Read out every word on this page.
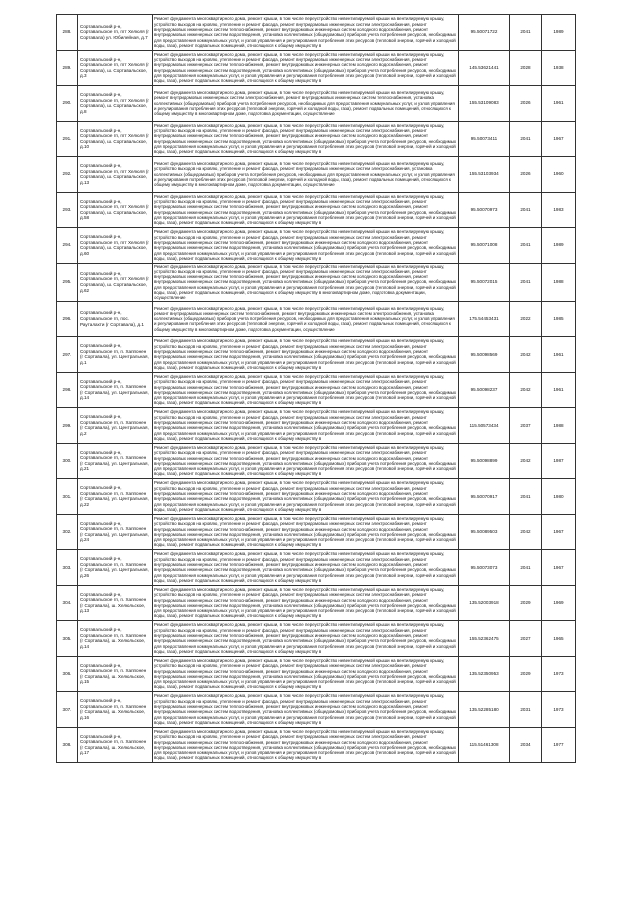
288.	Сортавальский р-н, Сортавальское гп, пгт Хелюля (г Сортавала) ул. Юбилейная, д.7	Ремонт фундамента многоквартирного дома, ремонт крыши, в том числе переустройство невентилируемой крыши на вентилируемую крышу, устройство выходов на кровлю, утепление и ремонт фасада, ремонт внутридомовых инженерных систем электроснабжения, ремонт внутридомовых инженерных систем теплоснабжения, ремонт внутридомовых инженерных систем холодного водоснабжения, ремонт внутридомовых инженерных систем водоотведения, установка коллективных (общедомовых) приборов учета потребления ресурсов, необходимых для предоставления коммунальных услуг, и узлов управления и регулирования потребления этих ресурсов (тепловой энергии, горячей и холодной воды, газа), ремонт подвальных помещений, относящихся к общему имуществу в	95.50071722	2041	1989
289.	Сортавальский р-н, Сортавальское гп, пгт Хелюля (г Сортавала), ш. Сортавальское, д.3	Ремонт фундамента многоквартирного дома, ремонт крыши, в том числе переустройство невентилируемой крыши на вентилируемую крышу, устройство выходов на кровлю, утепление и ремонт фасада, ремонт внутридомовых инженерных систем электроснабжения, ремонт внутридомовых инженерных систем теплоснабжения, ремонт внутридомовых инженерных систем холодного водоснабжения, ремонт внутридомовых инженерных систем водоотведения, установка коллективных (общедомовых) приборов учета потребления ресурсов, необходимых для предоставления коммунальных услуг, и узлов управления и регулирования потребления этих ресурсов (тепловой энергии, горячей и холодной воды, газа), ремонт подвальных помещений, относящихся к общему имуществу в	145.53621441	2028	1938
290.	Сортавальский р-н, Сортавальское гп, пгт Хелюля (г Сортавала), ш. Сортавальское, д.8	Ремонт фундамента многоквартирного дома, ремонт крыши, в том числе переустройство невентилируемой крыши на вентилируемую крышу, ремонт внутридомовых инженерных систем электроснабжения, ремонт внутридомовых инженерных систем теплоснабжения, установка коллективных (общедомовых) приборов учета потребления ресурсов, необходимых для предоставления коммунальных услуг, и узлов управления и регулирования потребления этих ресурсов (тепловой энергии, горячей и холодной воды, газа), ремонт подвальных помещений, относящихся к общему имуществу в многоквартирном доме, подготовка документации, осуществление	155.53109083	2026	1961
291.	Сортавальский р-н, Сортавальское гп, пгт Хелюля (г Сортавала), ш. Сортавальское, д.10	Ремонт фундамента многоквартирного дома, ремонт крыши, в том числе переустройство невентилируемой крыши на вентилируемую крышу, устройство выходов на кровлю, утепление и ремонт фасада, ремонт внутридомовых инженерных систем электроснабжения, ремонт внутридомовых инженерных систем теплоснабжения, ремонт внутридомовых инженерных систем холодного водоснабжения, ремонт внутридомовых инженерных систем водоотведения, установка коллективных (общедомовых) приборов учета потребления ресурсов, необходимых для предоставления коммунальных услуг, и узлов управления и регулирования потребления этих ресурсов (тепловой энергии, горячей и холодной воды, газа), ремонт подвальных помещений, относящихся к общему имуществу в	95.50073411	2041	1967
292.	Сортавальский р-н, Сортавальское гп, пгт Хелюля (г Сортавала), ш. Сортавальское, д.13	Ремонт фундамента многоквартирного дома, ремонт крыши, в том числе переустройство невентилируемой крыши на вентилируемую крышу, устройство выходов на кровлю, утепление и ремонт фасада, ремонт внутридомовых инженерных систем электроснабжения, установка коллективных (общедомовых) приборов учета потребления ресурсов, необходимых для предоставления коммунальных услуг, и узлов управления и регулирования потребления этих ресурсов (тепловой энергии, горячей и холодной воды, газа), ремонт подвальных помещений, относящихся к общему имуществу в многоквартирном доме, подготовка документации, осуществление	155.53103934	2026	1960
293.	Сортавальский р-н, Сортавальское гп, пгт Хелюля (г Сортавала), ш. Сортавальское, д.58	Ремонт фундамента многоквартирного дома, ремонт крыши, в том числе переустройство невентилируемой крыши на вентилируемую крышу, устройство выходов на кровлю, утепление и ремонт фасада, ремонт внутридомовых инженерных систем электроснабжения, ремонт внутридомовых инженерных систем теплоснабжения, ремонт внутридомовых инженерных систем холодного водоснабжения, ремонт внутридомовых инженерных систем водоотведения, установка коллективных (общедомовых) приборов учета потребления ресурсов, необходимых для предоставления коммунальных услуг, и узлов управления и регулирования потребления этих ресурсов (тепловой энергии, горячей и холодной воды, газа), ремонт подвальных помещений, относящихся к общему имуществу в	95.50070973	2041	1983
294.	Сортавальский р-н, Сортавальское гп, пгт Хелюля (г Сортавала), ш. Сортавальское, д.60	Ремонт фундамента многоквартирного дома, ремонт крыши, в том числе переустройство невентилируемой крыши на вентилируемую крышу, устройство выходов на кровлю, утепление и ремонт фасада, ремонт внутридомовых инженерных систем электроснабжения, ремонт внутридомовых инженерных систем теплоснабжения, ремонт внутридомовых инженерных систем холодного водоснабжения, ремонт внутридомовых инженерных систем водоотведения, установка коллективных (общедомовых) приборов учета потребления ресурсов, необходимых для предоставления коммунальных услуг, и узлов управления и регулирования потребления этих ресурсов (тепловой энергии, горячей и холодной воды, газа), ремонт подвальных помещений, относящихся к общему имуществу в	95.50071008	2041	1989
295.	Сортавальский р-н, Сортавальское гп, пгт Хелюля (г Сортавала), ш. Сортавальское, д.62	Ремонт фундамента многоквартирного дома, ремонт крыши, в том числе переустройство невентилируемой крыши на вентилируемую крышу, устройство выходов на кровлю, утепление и ремонт фасада, ремонт внутридомовых инженерных систем электроснабжения, ремонт внутридомовых инженерных систем теплоснабжения, ремонт внутридомовых инженерных систем холодного водоснабжения, ремонт внутридомовых инженерных систем водоотведения, установка коллективных (общедомовых) приборов учета потребления ресурсов, необходимых для предоставления коммунальных услуг, и узлов управления и регулирования потребления этих ресурсов (тепловой энергии, горячей и холодной воды, газа), ремонт подвальных помещений, относящихся к общему имуществу в многоквартирном доме, подготовка документации, осуществление	95.50072015	2041	1988
296.	Сортавальский р-н, Сортавальское гп, пос. Рауталахти (г Сортавала), д.1	Ремонт фундамента многоквартирного дома, ремонт крыши, в том числе переустройство невентилируемой крыши на вентилируемую крышу, ремонт внутридомовых инженерных систем теплоснабжения, ремонт внутридомовых инженерных систем электроснабжения, установка коллективных (общедомовых) приборов учета потребления ресурсов, необходимых для предоставления коммунальных услуг, и узлов управления и регулирования потребления этих ресурсов (тепловой энергии, горячей и холодной воды, газа), ремонт подвальных помещений, относящихся к общему имуществу в многоквартирном доме, подготовка документации, осуществление	175.54453431	2022	1985
297.	Сортавальский р-н, Сортавальское гп, п. Хаппонен (г Сортавала), ул. Центральная, д.1	Ремонт фундамента многоквартирного дома, ремонт крыши, в том числе переустройство невентилируемой крыши на вентилируемую крышу, устройство выходов на кровлю, утепление и ремонт фасада, ремонт внутридомовых инженерных систем электроснабжения, ремонт внутридомовых инженерных систем теплоснабжения, ремонт внутридомовых инженерных систем холодного водоснабжения, ремонт внутридомовых инженерных систем водоотведения, установка коллективных (общедомовых) приборов учета потребления ресурсов, необходимых для предоставления коммунальных услуг, и узлов управления и регулирования потребления этих ресурсов (тепловой энергии, горячей и холодной воды, газа), ремонт подвальных помещений, относящихся к общему имуществу в	95.50098569	2042	1961
298.	Сортавальский р-н, Сортавальское гп, п. Хаппонен (г Сортавала), ул. Центральная, д.14	Ремонт фундамента многоквартирного дома, ремонт крыши, в том числе переустройство невентилируемой крыши на вентилируемую крышу, устройство выходов на кровлю, утепление и ремонт фасада, ремонт внутридомовых инженерных систем электроснабжения, ремонт внутридомовых инженерных систем теплоснабжения, ремонт внутридомовых инженерных систем холодного водоснабжения, ремонт внутридомовых инженерных систем водоотведения, установка коллективных (общедомовых) приборов учета потребления ресурсов, необходимых для предоставления коммунальных услуг, и узлов управления и регулирования потребления этих ресурсов (тепловой энергии, горячей и холодной воды, газа), ремонт подвальных помещений, относящихся к общему имуществу в	95.50098237	2042	1961
299.	Сортавальский р-н, Сортавальское гп, п. Хаппонен (г Сортавала), ул. Центральная, д.2	Ремонт фундамента многоквартирного дома, ремонт крыши, в том числе переустройство невентилируемой крыши на вентилируемую крышу, устройство выходов на кровлю, утепление и ремонт фасада, ремонт внутридомовых инженерных систем электроснабжения, ремонт внутридомовых инженерных систем теплоснабжения, ремонт внутридомовых инженерных систем холодного водоснабжения, ремонт внутридомовых инженерных систем водоотведения, установка коллективных (общедомовых) приборов учета потребления ресурсов, необходимых для предоставления коммунальных услуг, и узлов управления и регулирования потребления этих ресурсов (тепловой энергии, горячей и холодной воды, газа), ремонт подвальных помещений, относящихся к общему имуществу в	115.50573434	2037	1988
300.	Сортавальский р-н, Сортавальское гп, п. Хаппонен (г Сортавала), ул. Центральная, д.21	Ремонт фундамента многоквартирного дома, ремонт крыши, в том числе переустройство невентилируемой крыши на вентилируемую крышу, устройство выходов на кровлю, утепление и ремонт фасада, ремонт внутридомовых инженерных систем электроснабжения, ремонт внутридомовых инженерных систем теплоснабжения, ремонт внутридомовых инженерных систем холодного водоснабжения, ремонт внутридомовых инженерных систем водоотведения, установка коллективных (общедомовых) приборов учета потребления ресурсов, необходимых для предоставления коммунальных услуг, и узлов управления и регулирования потребления этих ресурсов (тепловой энергии, горячей и холодной воды, газа), ремонт подвальных помещений, относящихся к общему имуществу в	95.50098899	2042	1987
301.	Сортавальский р-н, Сортавальское гп, п. Хаппонен (г Сортавала), ул. Центральная, д.22	Ремонт фундамента многоквартирного дома, ремонт крыши, в том числе переустройство невентилируемой крыши на вентилируемую крышу, устройство выходов на кровлю, утепление и ремонт фасада, ремонт внутридомовых инженерных систем электроснабжения, ремонт внутридомовых инженерных систем теплоснабжения, ремонт внутридомовых инженерных систем холодного водоснабжения, ремонт внутридомовых инженерных систем водоотведения, установка коллективных (общедомовых) приборов учета потребления ресурсов, необходимых для предоставления коммунальных услуг, и узлов управления и регулирования потребления этих ресурсов (тепловой энергии, горячей и холодной воды, газа), ремонт подвальных помещений, относящихся к общему имуществу в	95.50070917	2041	1980
302.	Сортавальский р-н, Сортавальское гп, п. Хаппонен (г Сортавала), ул. Центральная, д.24	Ремонт фундамента многоквартирного дома, ремонт крыши, в том числе переустройство невентилируемой крыши на вентилируемую крышу, устройство выходов на кровлю, утепление и ремонт фасада, ремонт внутридомовых инженерных систем электроснабжения, ремонт внутридомовых инженерных систем теплоснабжения, ремонт внутридомовых инженерных систем холодного водоснабжения, ремонт внутридомовых инженерных систем водоотведения, установка коллективных (общедомовых) приборов учета потребления ресурсов, необходимых для предоставления коммунальных услуг, и узлов управления и регулирования потребления этих ресурсов (тепловой энергии, горячей и холодной воды, газа), ремонт подвальных помещений, относящихся к общему имуществу в	95.50089503	2042	1967
303.	Сортавальский р-н, Сортавальское гп, п. Хаппонен (г Сортавала), ул. Центральная, д.26	Ремонт фундамента многоквартирного дома, ремонт крыши, в том числе переустройство невентилируемой крыши на вентилируемую крышу, устройство выходов на кровлю, утепление и ремонт фасада, ремонт внутридомовых инженерных систем электроснабжения, ремонт внутридомовых инженерных систем теплоснабжения, ремонт внутридомовых инженерных систем холодного водоснабжения, ремонт внутридомовых инженерных систем водоотведения, установка коллективных (общедомовых) приборов учета потребления ресурсов, необходимых для предоставления коммунальных услуг, и узлов управления и регулирования потребления этих ресурсов (тепловой энергии, горячей и холодной воды, газа), ремонт подвальных помещений, относящихся к общему имуществу в	95.50073073	2041	1967
304.	Сортавальский р-н, Сортавальское гп, п. Хаппонен (г Сортавала), ш. Хелюльское, д.13	Ремонт фундамента многоквартирного дома, ремонт крыши, в том числе переустройство невентилируемой крыши на вентилируемую крышу, устройство выходов на кровлю, утепление и ремонт фасада, ремонт внутридомовых инженерных систем электроснабжения, ремонт внутридомовых инженерных систем теплоснабжения, ремонт внутридомовых инженерных систем холодного водоснабжения, ремонт внутридомовых инженерных систем водоотведения, установка коллективных (общедомовых) приборов учета потребления ресурсов, необходимых для предоставления коммунальных услуг, и узлов управления и регулирования потребления этих ресурсов (тепловой энергии, горячей и холодной воды, газа), ремонт подвальных помещений, относящихся к общему имуществу в	135.52003918	2029	1969
305.	Сортавальский р-н, Сортавальское гп, п. Хаппонен (г Сортавала), ш. Хелюльское, д.14	Ремонт фундамента многоквартирного дома, ремонт крыши, в том числе переустройство невентилируемой крыши на вентилируемую крышу, устройство выходов на кровлю, утепление и ремонт фасада, ремонт внутридомовых инженерных систем электроснабжения, ремонт внутридомовых инженерных систем теплоснабжения, ремонт внутридомовых инженерных систем холодного водоснабжения, ремонт внутридомовых инженерных систем водоотведения, установка коллективных (общедомовых) приборов учета потребления ресурсов, необходимых для предоставления коммунальных услуг, и узлов управления и регулирования потребления этих ресурсов (тепловой энергии, горячей и холодной воды, газа), ремонт подвальных помещений, относящихся к общему имуществу в	155.52362475	2027	1965
306.	Сортавальский р-н, Сортавальское гп, п. Хаппонен (г Сортавала), ш. Хелюльское, д.15	Ремонт фундамента многоквартирного дома, ремонт крыши, в том числе переустройство невентилируемой крыши на вентилируемую крышу, устройство выходов на кровлю, утепление и ремонт фасада, ремонт внутридомовых инженерных систем электроснабжения, ремонт внутридомовых инженерных систем теплоснабжения, ремонт внутридомовых инженерных систем холодного водоснабжения, ремонт внутридомовых инженерных систем водоотведения, установка коллективных (общедомовых) приборов учета потребления ресурсов, необходимых для предоставления коммунальных услуг, и узлов управления и регулирования потребления этих ресурсов (тепловой энергии, горячей и холодной воды, газа), ремонт подвальных помещений, относящихся к общему имуществу в	135.52350953	2029	1973
307.	Сортавальский р-н, Сортавальское гп, п. Хаппонен (г Сортавала), ш. Хелюльское, д.16	Ремонт фундамента многоквартирного дома, ремонт крыши, в том числе переустройство невентилируемой крыши на вентилируемую крышу, устройство выходов на кровлю, утепление и ремонт фасада, ремонт внутридомовых инженерных систем электроснабжения, ремонт внутридомовых инженерных систем теплоснабжения, ремонт внутридомовых инженерных систем холодного водоснабжения, ремонт внутридомовых инженерных систем водоотведения, установка коллективных (общедомовых) приборов учета потребления ресурсов, необходимых для предоставления коммунальных услуг, и узлов управления и регулирования потребления этих ресурсов (тепловой энергии, горячей и холодной воды, газа), ремонт подвальных помещений, относящихся к общему имуществу в	135.52285180	2031	1973
308.	Сортавальский р-н, Сортавальское гп, п. Хаппонен (г Сортавала), ш. Хелюльское, д.17	Ремонт фундамента многоквартирного дома, ремонт крыши, в том числе переустройство невентилируемой крыши на вентилируемую крышу, устройство выходов на кровлю, утепление и ремонт фасада, ремонт внутридомовых инженерных систем электроснабжения, ремонт внутридомовых инженерных систем теплоснабжения, ремонт внутридомовых инженерных систем холодного водоснабжения, ремонт внутридомовых инженерных систем водоотведения, установка коллективных (общедомовых) приборов учета потребления ресурсов, необходимых для предоставления коммунальных услуг, и узлов управления и регулирования потребления этих ресурсов (тепловой энергии, горячей и холодной воды, газа), ремонт подвальных помещений, относящихся к общему имуществу в	115.51461308	2034	1977
